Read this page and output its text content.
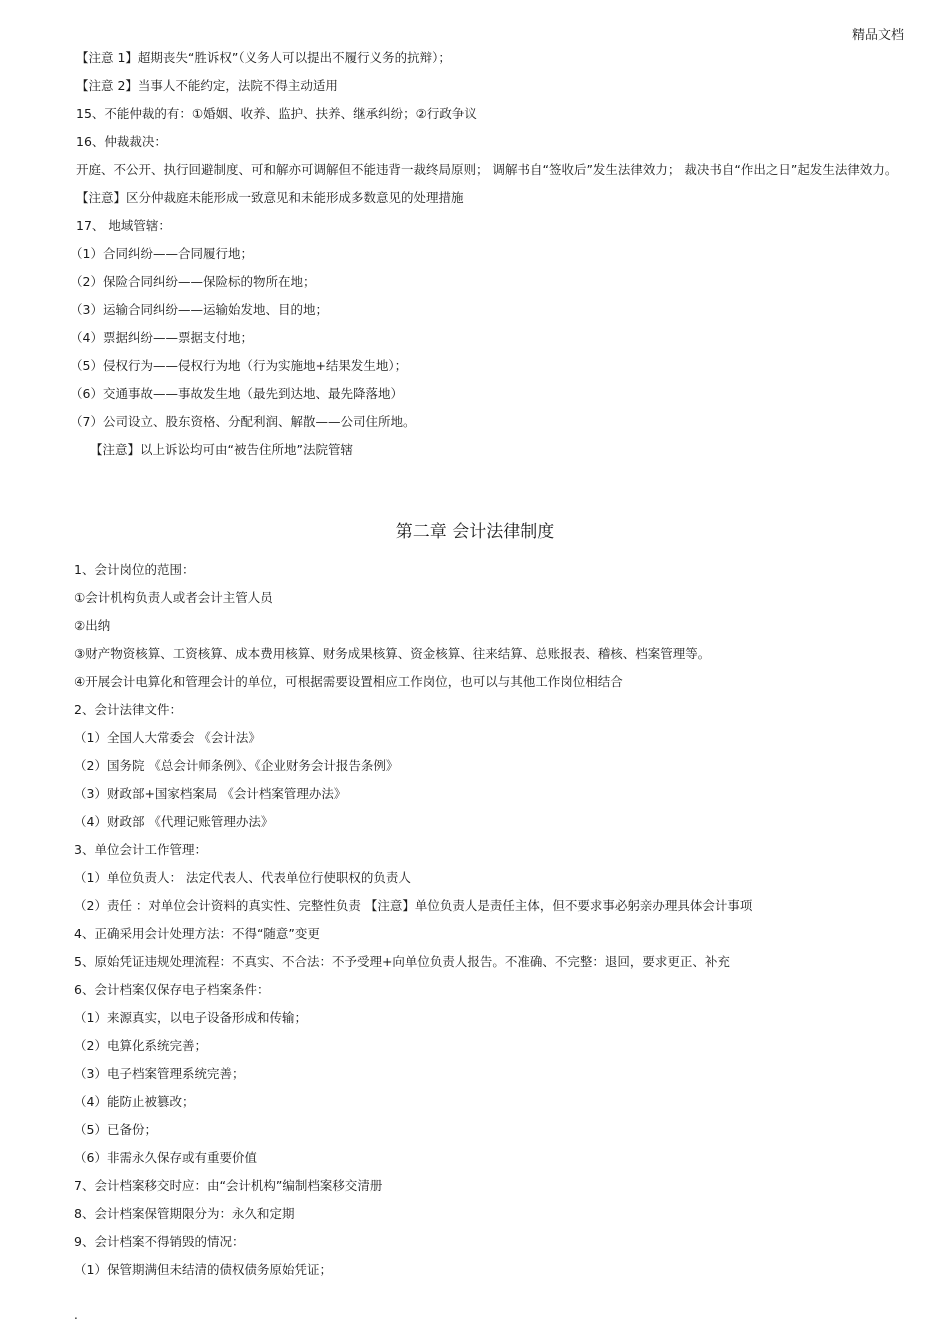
精品文档
【注意 1】超期丧失“胜诉权”（义务人可以提出不履行义务的抗辩）；
【注意 2】当事人不能约定，法院不得主动适用
15、不能仲裁的有：①婚姻、收养、监护、扶养、继承纠纷；②行政争议
16、仲裁裁决：
开庭、不公开、执行回避制度、可和解亦可调解但不能违背一裁终局原则； 调解书自“签收后”发生法律效力； 裁决书自“作出之日”起发生法律效力。
【注意】区分仲裁庭未能形成一致意见和未能形成多数意见的处理措施
17、 地域管辖：
（1）合同纠纷——合同履行地；
（2）保险合同纠纷——保险标的物所在地；
（3）运输合同纠纷——运输始发地、目的地；
（4）票据纠纷——票据支付地；
（5）侵权行为——侵权行为地（行为实施地+结果发生地）；
（6）交通事故——事故发生地（最先到达地、最先降落地）
（7）公司设立、股东资格、分配利润、解散——公司住所地。
【注意】以上诉讼均可由“被告住所地”法院管辖
第二章 会计法律制度
1、会计岗位的范围：
①会计机构负责人或者会计主管人员
②出纳
③财产物资核算、工资核算、成本费用核算、财务成果核算、资金核算、往来结算、总账报表、稽核、档案管理等。
④开展会计电算化和管理会计的单位，可根据需要设置相应工作岗位，也可以与其他工作岗位相结合
2、会计法律文件：
（1）全国人大常委会 《会计法》
（2）国务院 《总会计师条例》、《企业财务会计报告条例》
（3）财政部+国家档案局 《会计档案管理办法》
（4）财政部 《代理记账管理办法》
3、单位会计工作管理：
（1）单位负责人： 法定代表人、代表单位行使职权的负责人
（2）责任 ：对单位会计资料的真实性、完整性负责 【注意】单位负责人是责任主体，但不要求事必躬亲办理具体会计事项
4、正确采用会计处理方法：不得“随意”变更
5、原始凭证违规处理流程：不真实、不合法：不予受理+向单位负责人报告。不准确、不完整：退回，要求更正、补充
6、会计档案仅保存电子档案条件：
（1）来源真实，以电子设备形成和传输；
（2）电算化系统完善；
（3）电子档案管理系统完善；
（4）能防止被篡改；
（5）已备份；
（6）非需永久保存或有重要价值
7、会计档案移交时应：由“会计机构”编制档案移交清册
8、会计档案保管期限分为：永久和定期
9、会计档案不得销毁的情况：
（1）保管期满但未结清的债权债务原始凭证；
.
